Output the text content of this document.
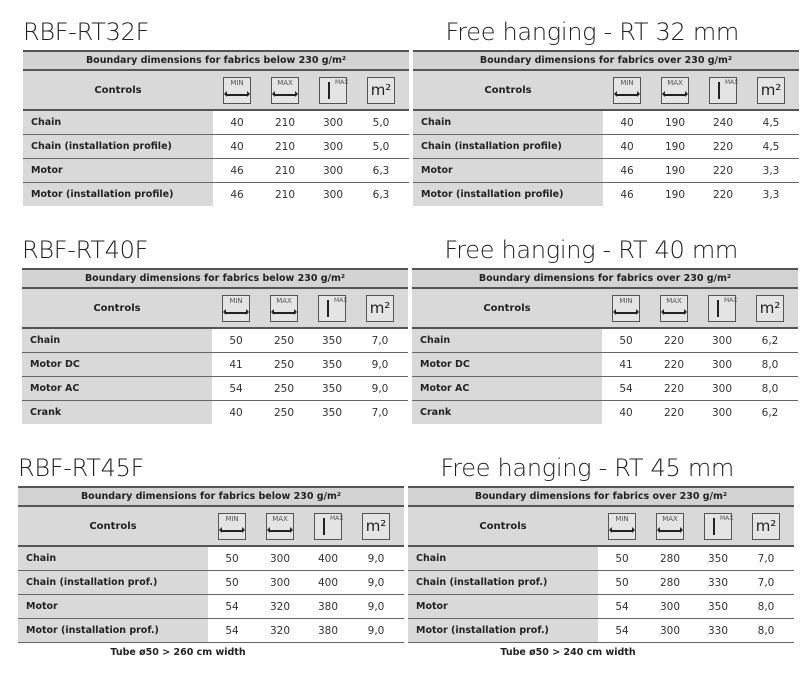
RBF-RT32F	Free hanging - RT 32 mm
Boundary dimensions for fabrics below 230 g/m²
Controls
MIN	MAX	MAX m²
Chain	40	210	300	5,0
Chain (installation profile)	40	210	300	5,0
Motor	46	210	300	6,3
Motor (installation profile)	46	210	300	6,3
Boundary dimensions for fabrics over 230 g/m²
Controls
MIN	MAX	MAX m²
Chain	40	190	240	4,5
Chain (installation profile)	40	190	220	4,5
Motor	46	190	220	3,3
Motor (installation profile)	46	190	220	3,3
RBF-RT40F	Free hanging - RT 40 mm
Boundary dimensions for fabrics below 230 g/m²
Controls
MIN	MAX	MAX m²
Chain	50	250	350	7,0
Motor DC	41	250	350	9,0
Motor AC	54	250	350	9,0
Crank	40	250	350	7,0
Boundary dimensions for fabrics over 230 g/m²
Controls
MIN	MAX	MAX m²
Chain	50	220	300	6,2
Motor DC	41	220	300	8,0
Motor AC	54	220	300	8,0
Crank	40	220	300	6,2
RBF-RT45F	Free hanging - RT 45 mm
Boundary dimensions for fabrics below 230 g/m²
Controls
MIN	MAX	MAX m²
Chain	50	300	400	9,0
Chain (installation prof.)	50	300	400	9,0
Motor	54	320	380	9,0
Motor (installation prof.)	54	320	380	9,0
Tube ø50 > 260 cm width
Boundary dimensions for fabrics over 230 g/m²
Controls
MIN	MAX	MAX m²
Chain	50	280	350	7,0
Chain (installation prof.)	50	280	330	7,0
Motor	54	300	350	8,0
Motor (installation prof.)	54	300	330	8,0
Tube ø50 > 240 cm width
